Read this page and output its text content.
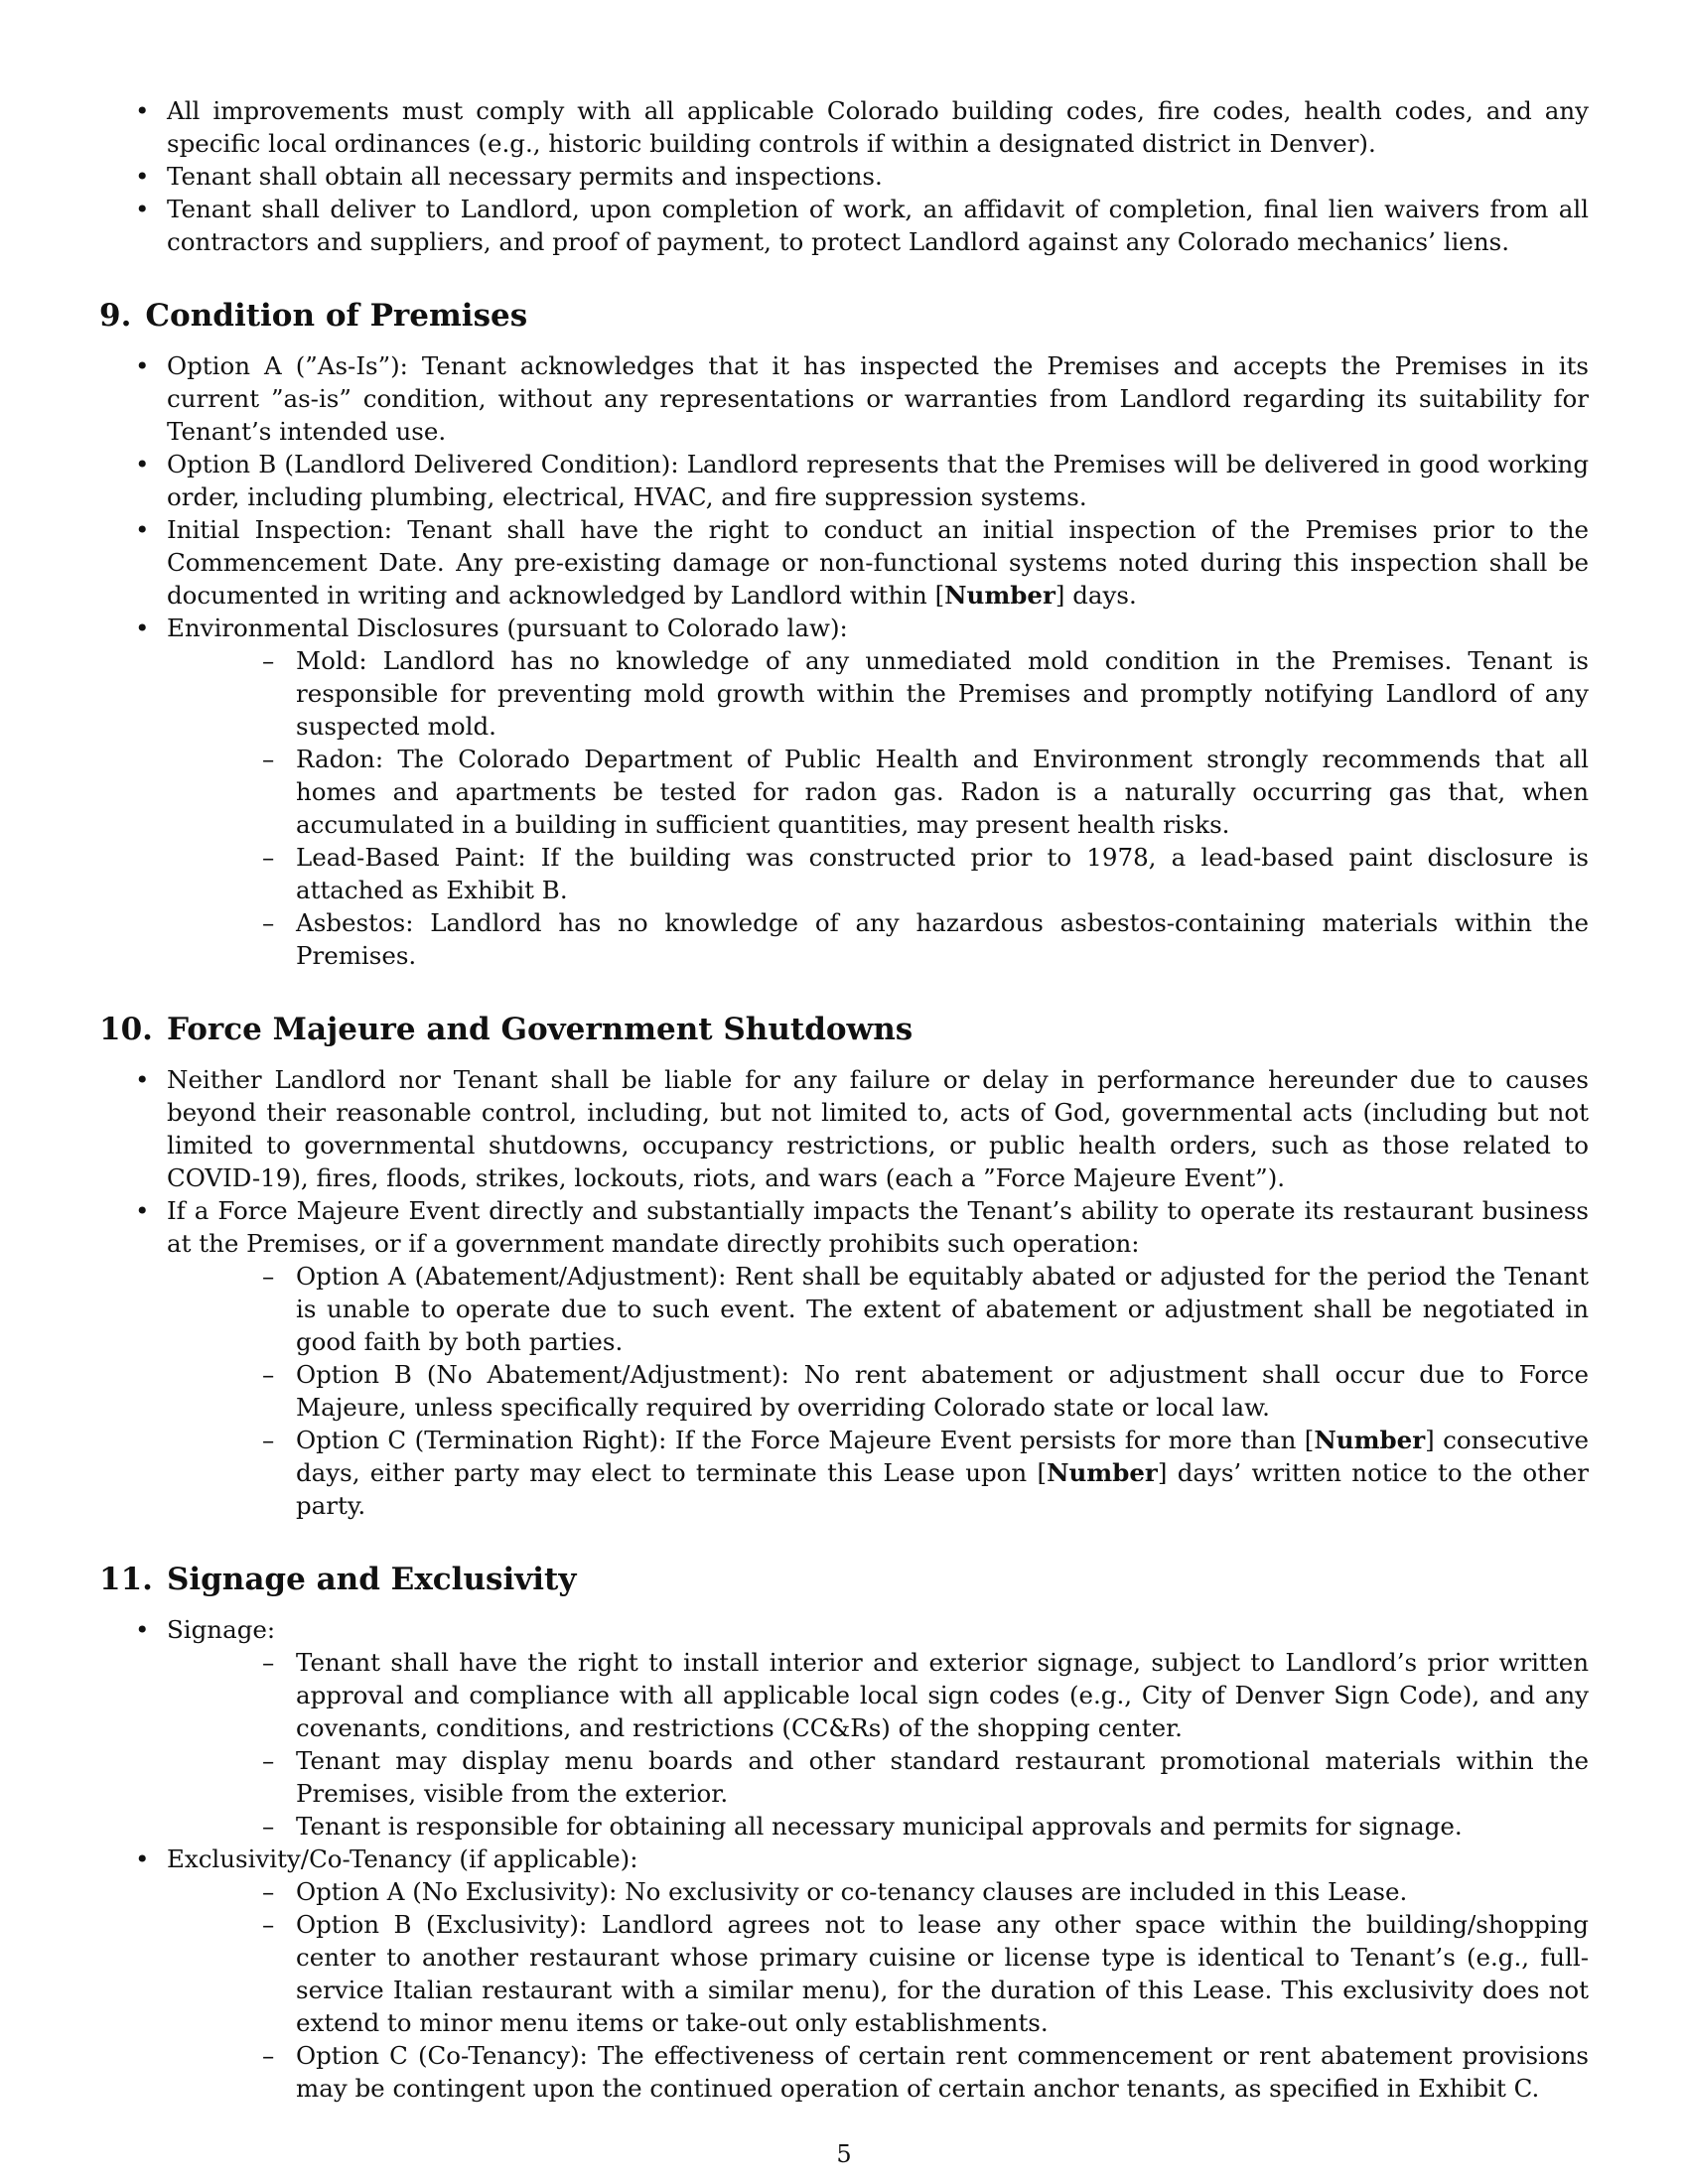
• All improvements must comply with all applicable Colorado building codes, fire codes, health codes, and any specific local ordinances (e.g., historic building controls if within a designated district in Denver).
• Tenant shall obtain all necessary permits and inspections.
• Tenant shall deliver to Landlord, upon completion of work, an affidavit of completion, final lien waivers from all contractors and suppliers, and proof of payment, to protect Landlord against any Colorado mechanics’ liens.
9. Condition of Premises
• Option A (”As-Is”): Tenant acknowledges that it has inspected the Premises and accepts the Premises in its current ”as-is” condition, without any representations or warranties from Landlord regarding its suitability for Tenant’s intended use.
• Option B (Landlord Delivered Condition): Landlord represents that the Premises will be delivered in good working order, including plumbing, electrical, HVAC, and fire suppression systems.
• Initial Inspection: Tenant shall have the right to conduct an initial inspection of the Premises prior to the Commencement Date. Any pre-existing damage or non-functional systems noted during this inspection shall be documented in writing and acknowledged by Landlord within [Number] days.
• Environmental Disclosures (pursuant to Colorado law):
– Mold: Landlord has no knowledge of any unmediated mold condition in the Premises. Tenant is responsible for preventing mold growth within the Premises and promptly notifying Landlord of any suspected mold.
– Radon: The Colorado Department of Public Health and Environment strongly recommends that all homes and apartments be tested for radon gas. Radon is a naturally occurring gas that, when accumulated in a building in sufficient quantities, may present health risks.
– Lead-Based Paint: If the building was constructed prior to 1978, a lead-based paint disclosure is attached as Exhibit B.
– Asbestos: Landlord has no knowledge of any hazardous asbestos-containing materials within the Premises.
10. Force Majeure and Government Shutdowns
• Neither Landlord nor Tenant shall be liable for any failure or delay in performance hereunder due to causes beyond their reasonable control, including, but not limited to, acts of God, governmental acts (including but not limited to governmental shutdowns, occupancy restrictions, or public health orders, such as those related to COVID-19), fires, floods, strikes, lockouts, riots, and wars (each a ”Force Majeure Event”).
• If a Force Majeure Event directly and substantially impacts the Tenant’s ability to operate its restaurant business at the Premises, or if a government mandate directly prohibits such operation:
– Option A (Abatement/Adjustment): Rent shall be equitably abated or adjusted for the period the Tenant is unable to operate due to such event. The extent of abatement or adjustment shall be negotiated in good faith by both parties.
– Option B (No Abatement/Adjustment): No rent abatement or adjustment shall occur due to Force Majeure, unless specifically required by overriding Colorado state or local law.
– Option C (Termination Right): If the Force Majeure Event persists for more than [Number] consecutive days, either party may elect to terminate this Lease upon [Number] days’ written notice to the other party.
11. Signage and Exclusivity
• Signage:
– Tenant shall have the right to install interior and exterior signage, subject to Landlord’s prior written approval and compliance with all applicable local sign codes (e.g., City of Denver Sign Code), and any covenants, conditions, and restrictions (CC&Rs) of the shopping center.
– Tenant may display menu boards and other standard restaurant promotional materials within the Premises, visible from the exterior.
– Tenant is responsible for obtaining all necessary municipal approvals and permits for signage.
• Exclusivity/Co-Tenancy (if applicable):
– Option A (No Exclusivity): No exclusivity or co-tenancy clauses are included in this Lease.
– Option B (Exclusivity): Landlord agrees not to lease any other space within the building/shopping center to another restaurant whose primary cuisine or license type is identical to Tenant’s (e.g., full-service Italian restaurant with a similar menu), for the duration of this Lease. This exclusivity does not extend to minor menu items or take-out only establishments.
– Option C (Co-Tenancy): The effectiveness of certain rent commencement or rent abatement provisions may be contingent upon the continued operation of certain anchor tenants, as specified in Exhibit C.
5
